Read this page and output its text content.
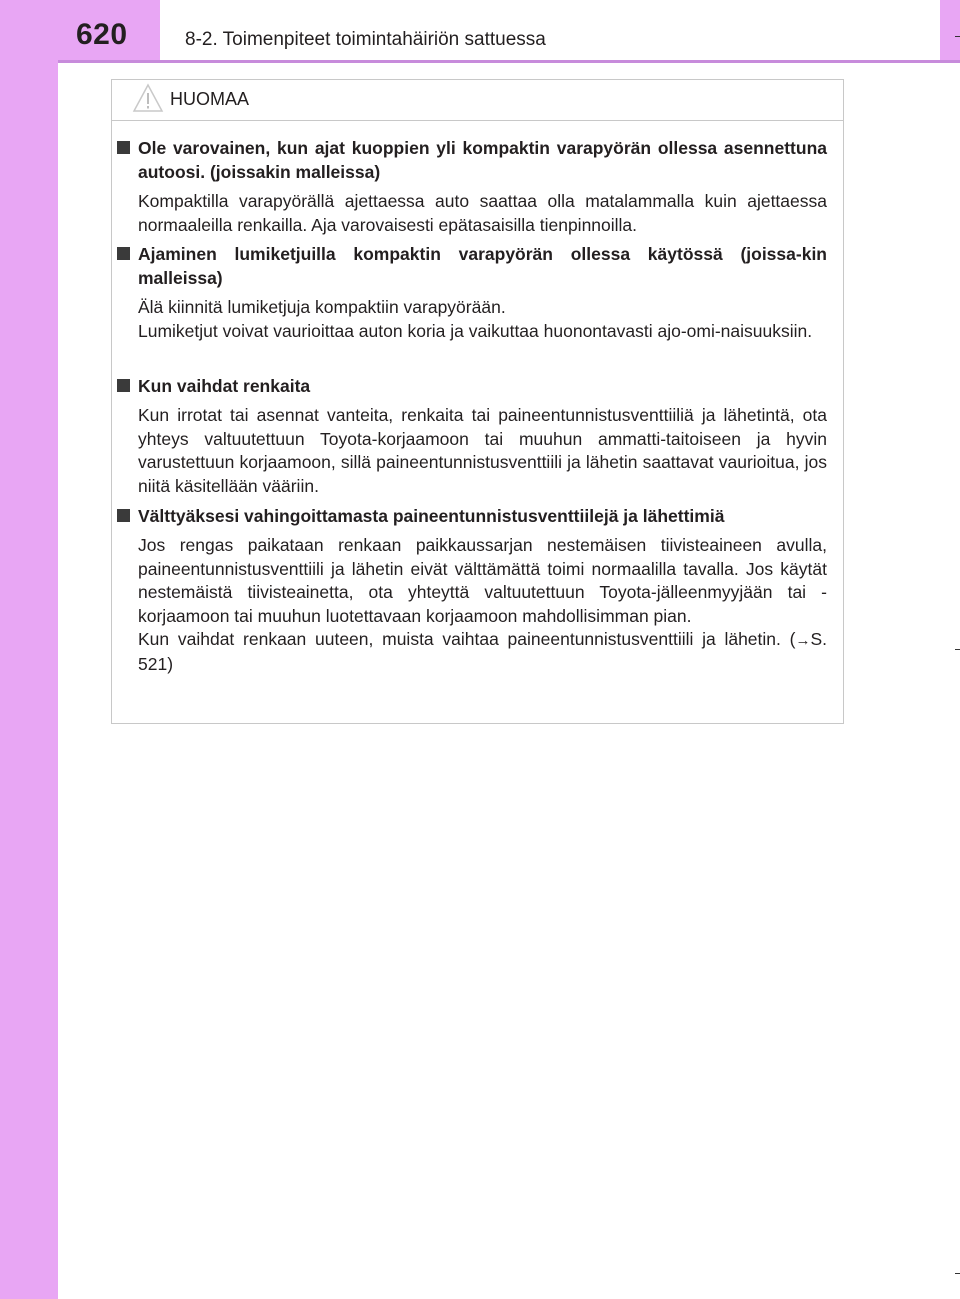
620	8-2. Toimenpiteet toimintahäiriön sattuessa
HUOMAA
Ole varovainen, kun ajat kuoppien yli kompaktin varapyörän ollessa asennettuna autoosi. (joissakin malleissa)

Kompaktilla varapyörällä ajettaessa auto saattaa olla matalammalla kuin ajettaessa normaaleilla renkailla. Aja varovaisesti epätasaisilla tienpinnoilla.

Ajaminen lumiketjuilla kompaktin varapyörän ollessa käytössä (joissa-kin malleissa)

Älä kiinnitä lumiketjuja kompaktiin varapyörään.

Lumiketjut voivat vaurioittaa auton koria ja vaikuttaa huonontavasti ajo-omi-naisuuksiin.

Kun vaihdat renkaita

Kun irrotat tai asennat vanteita, renkaita tai paineentunnistusventtiiliä ja lähetintä, ota yhteys valtuutettuun Toyota-korjaamoon tai muuhun ammatti-taitoiseen ja hyvin varustettuun korjaamoon, sillä paineentunnistusventtiili ja lähetin saattavat vaurioitua, jos niitä käsitellään vääriin.

Välttyäksesi vahingoittamasta paineentunnistusventtiilejä ja lähettimiä

Jos rengas paikataan renkaan paikkaussarjan nestemäisen tiivisteaineen avulla, paineentunnistusventtiili ja lähetin eivät välttämättä toimi normaalilla tavalla. Jos käytät nestemäistä tiivisteainetta, ota yhteyttä valtuutettuun Toyota-jälleenmyyjään tai -korjaamoon tai muuhun luotettavaan korjaamoon mahdollisimman pian.

Kun vaihdat renkaan uuteen, muista vaihtaa paineentunnistusventtiili ja lähetin. (→S. 521)
